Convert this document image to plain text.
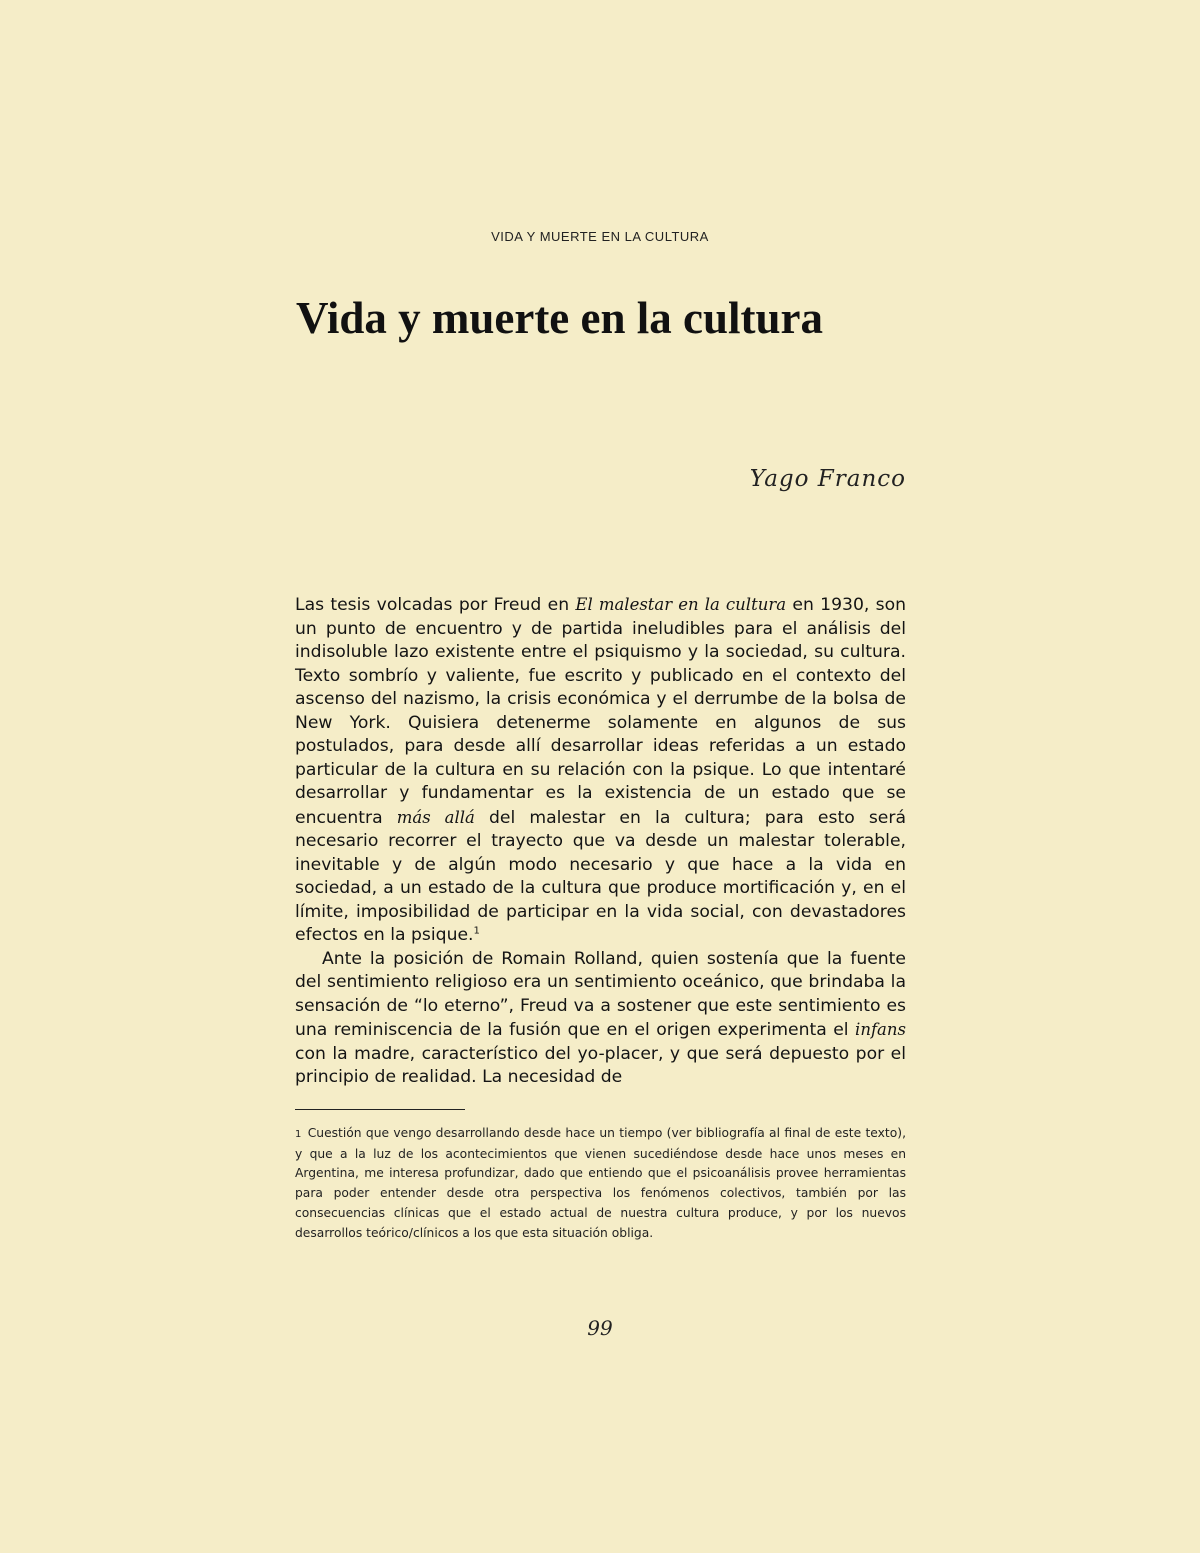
VIDA Y MUERTE EN LA CULTURA
Vida y muerte en la cultura
Yago Franco

Las tesis volcadas por Freud en El malestar en la cultura en 1930, son un punto de encuentro y de partida ineludibles para el análisis del indisoluble lazo existente entre el psiquismo y la sociedad, su cultura. Texto sombrío y valiente, fue escrito y publicado en el contexto del ascenso del nazismo, la crisis económica y el derrumbe de la bolsa de New York. Quisiera detenerme solamente en algunos de sus postulados, para desde allí desarrollar ideas referidas a un estado particular de la cultura en su relación con la psique. Lo que intentaré desarrollar y fundamentar es la existencia de un estado que se encuentra más allá del malestar en la cultura; para esto será necesario recorrer el trayecto que va desde un malestar tolerable, inevitable y de algún modo necesario y que hace a la vida en sociedad, a un estado de la cultura que produce mortificación y, en el límite, imposibilidad de participar en la vida social, con devastadores efectos en la psique.$^1$

Ante la posición de Romain Rolland, quien sostenía que la fuente del sentimiento religioso era un sentimiento oceánico, que brindaba la sensación de “lo eterno”, Freud va a sostener que este sentimiento es una reminiscencia de la fusión que en el origen experimenta el infans con la madre, característico del yo-placer, y que será depuesto por el principio de realidad. La necesidad de

1 Cuestión que vengo desarrollando desde hace un tiempo (ver bibliografía al final de este texto), y que a la luz de los acontecimientos que vienen sucediéndose desde hace unos meses en Argentina, me interesa profundizar, dado que entiendo que el psicoanálisis provee herramientas para poder entender desde otra perspectiva los fenómenos colectivos, también por las consecuencias clínicas que el estado actual de nuestra cultura produce, y por los nuevos desarrollos teórico/clínicos a los que esta situación obliga.

99
